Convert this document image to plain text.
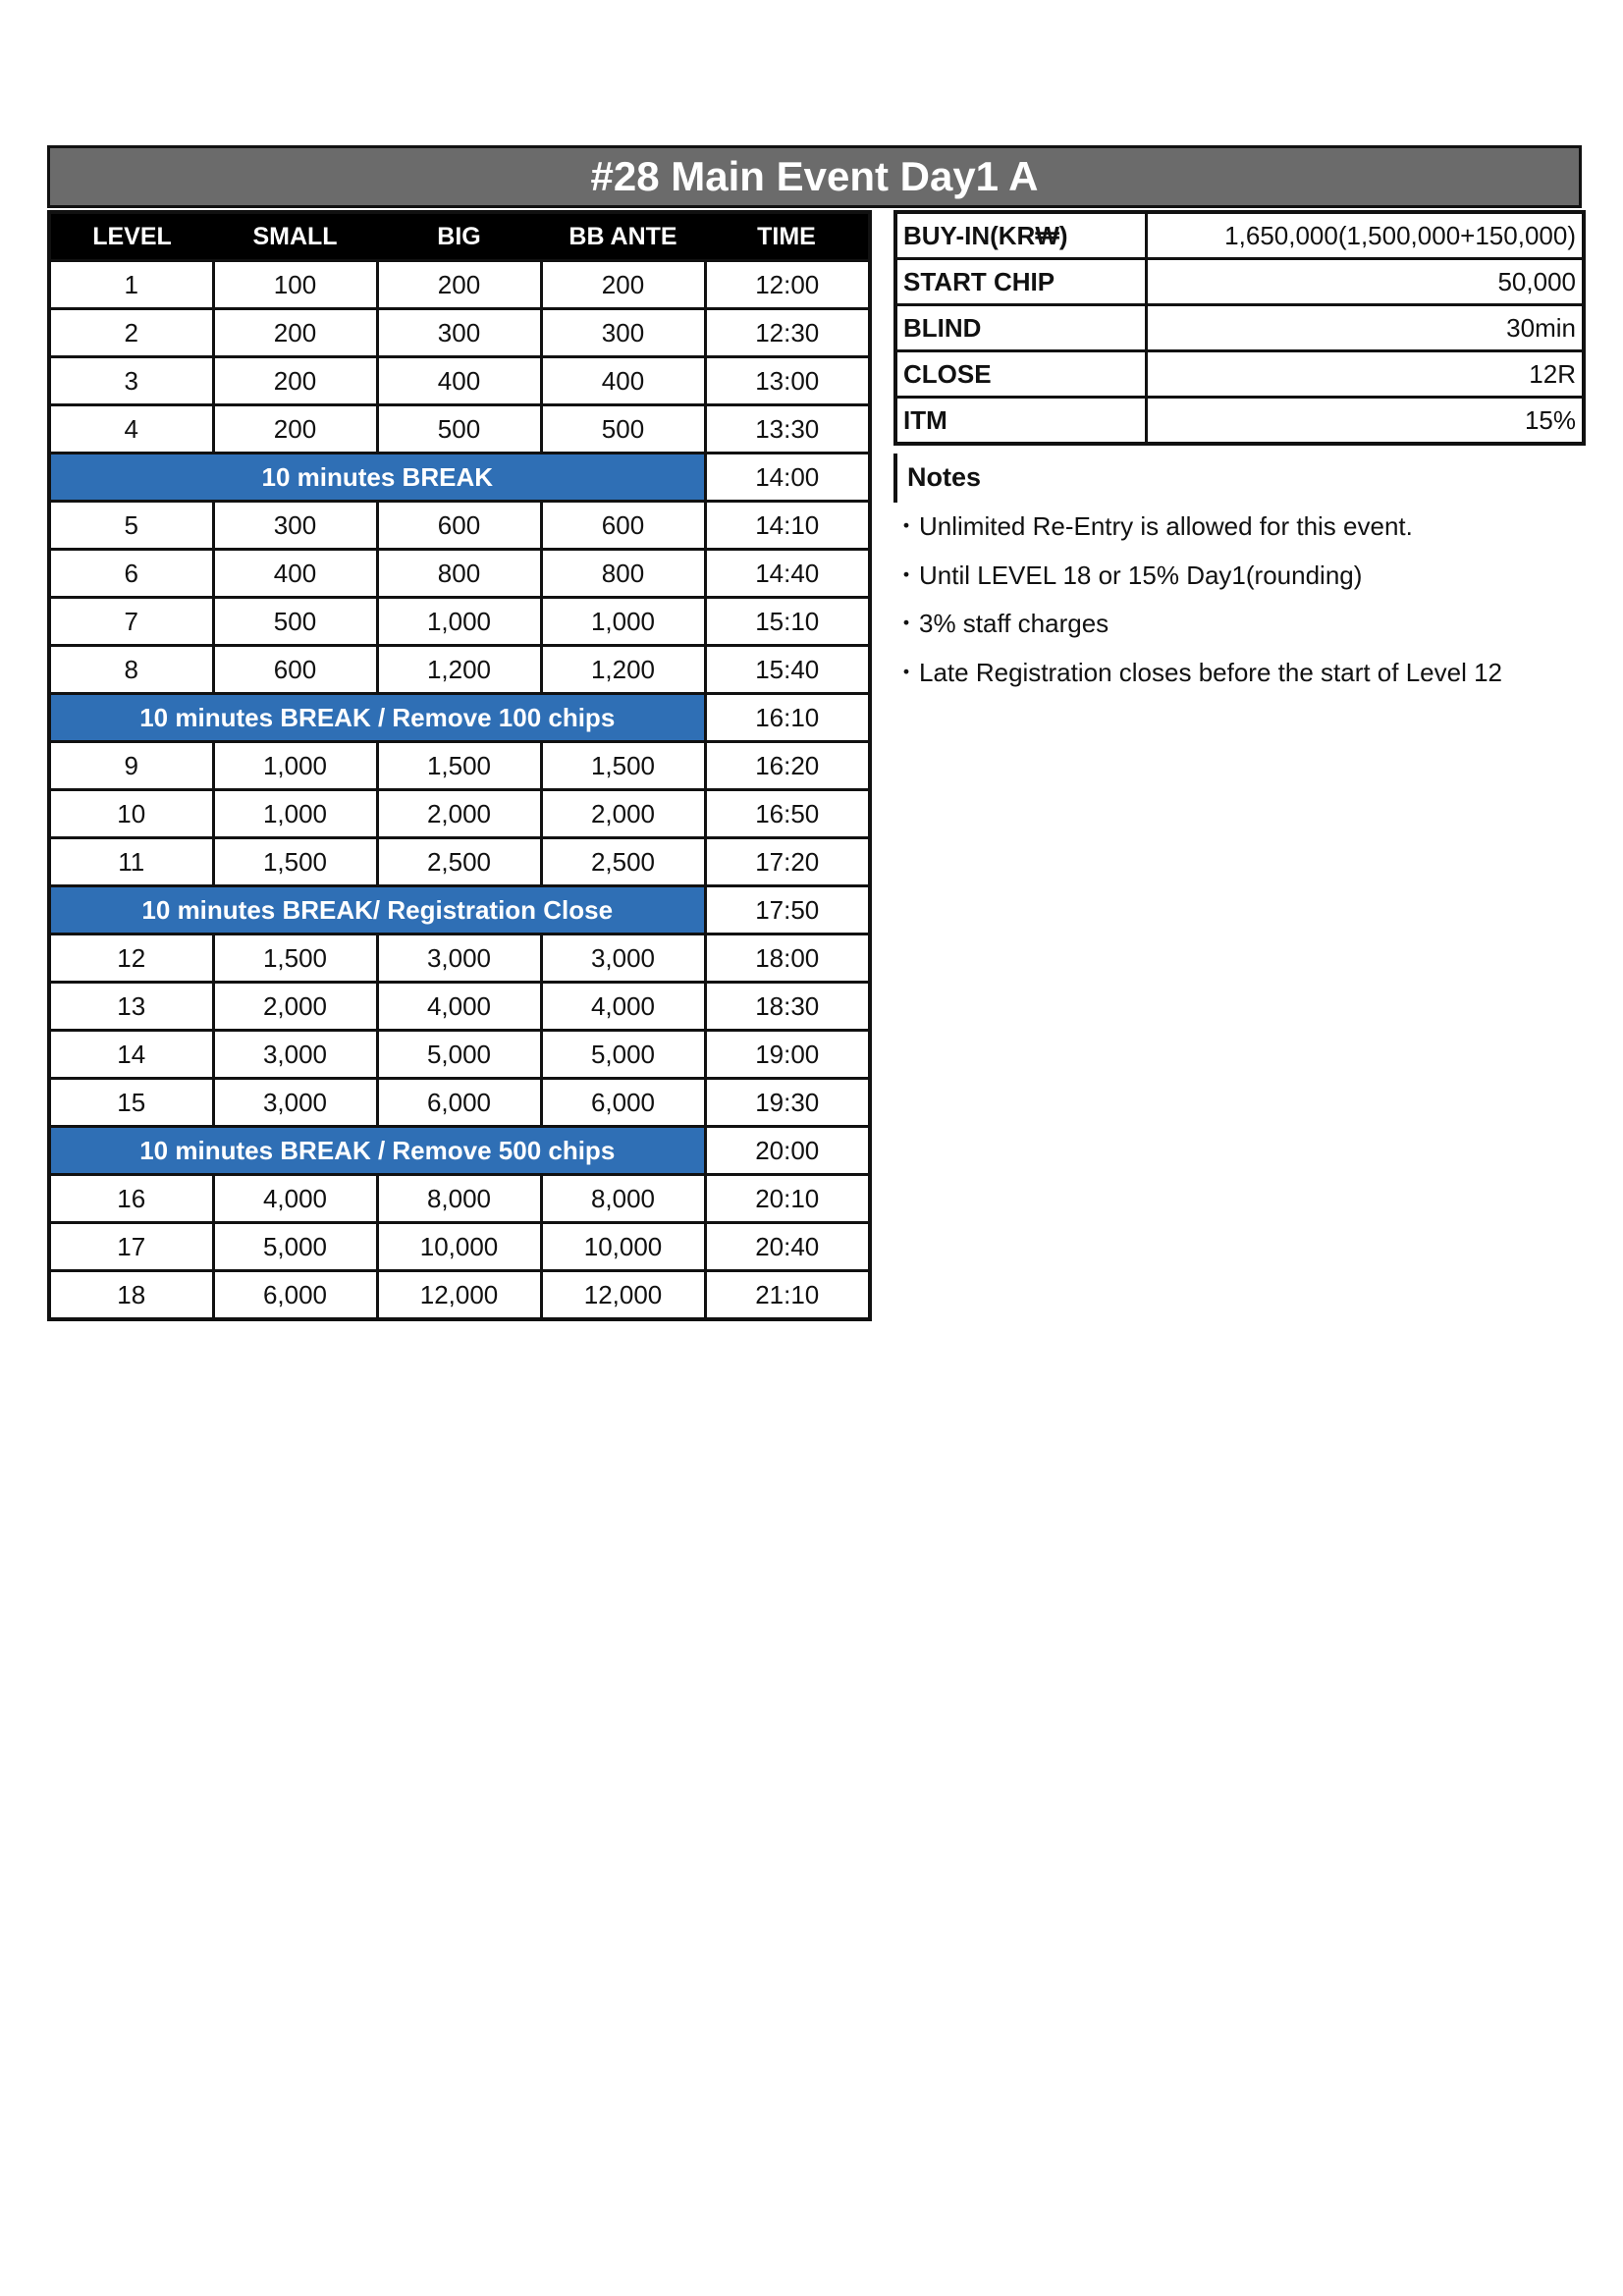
#28 Main Event Day1 A
LEVEL	SMALL	BIG	BB ANTE	TIME
1	100	200	200	12:00
2	200	300	300	12:30
3	200	400	400	13:00
4	200	500	500	13:30
10 minutes BREAK				14:00
5	300	600	600	14:10
6	400	800	800	14:40
7	500	1,000	1,000	15:10
8	600	1,200	1,200	15:40
10 minutes BREAK / Remove 100 chips				16:10
9	1,000	1,500	1,500	16:20
10	1,000	2,000	2,000	16:50
11	1,500	2,500	2,500	17:20
10 minutes BREAK/ Registration Close				17:50
12	1,500	3,000	3,000	18:00
13	2,000	4,000	4,000	18:30
14	3,000	5,000	5,000	19:00
15	3,000	6,000	6,000	19:30
10 minutes BREAK / Remove 500 chips				20:00
16	4,000	8,000	8,000	20:10
17	5,000	10,000	10,000	20:40
18	6,000	12,000	12,000	21:10
BUY-IN(KR₩)	1,650,000(1,500,000+150,000)
START CHIP	50,000
BLIND	30min
CLOSE	12R
ITM	15%
Notes
・Unlimited Re-Entry is allowed for this event.
・Until LEVEL 18 or 15% Day1(rounding)
・3% staff charges
・Late Registration closes before the start of Level 12
